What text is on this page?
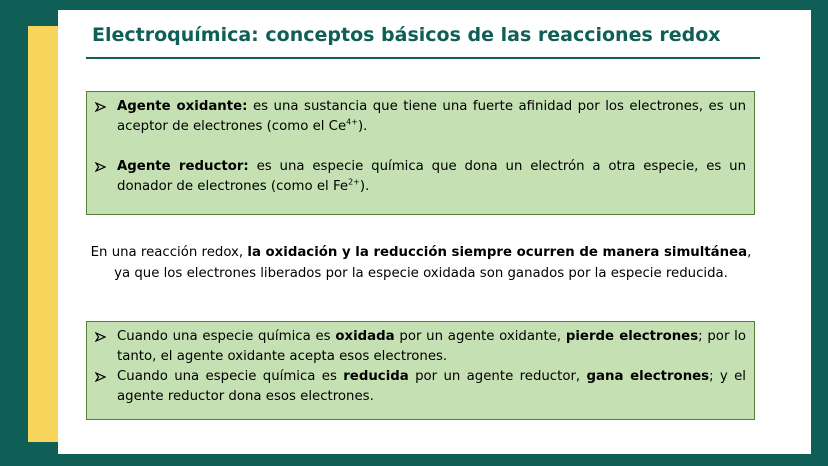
Electroquímica: conceptos básicos de las reacciones redox
Agente oxidante: es una sustancia que tiene una fuerte afinidad por los electrones, es un aceptor de electrones (como el $Ce^{4+}$).
Agente reductor: es una especie química que dona un electrón a otra especie, es un donador de electrones (como el $Fe^{2+}$).
En una reacción redox, la oxidación y la reducción siempre ocurren de manera simultánea, ya que los electrones liberados por la especie oxidada son ganados por la especie reducida.
Cuando una especie química es oxidada por un agente oxidante, pierde electrones; por lo tanto, el agente oxidante acepta esos electrones.
Cuando una especie química es reducida por un agente reductor, gana electrones; y el agente reductor dona esos electrones.
